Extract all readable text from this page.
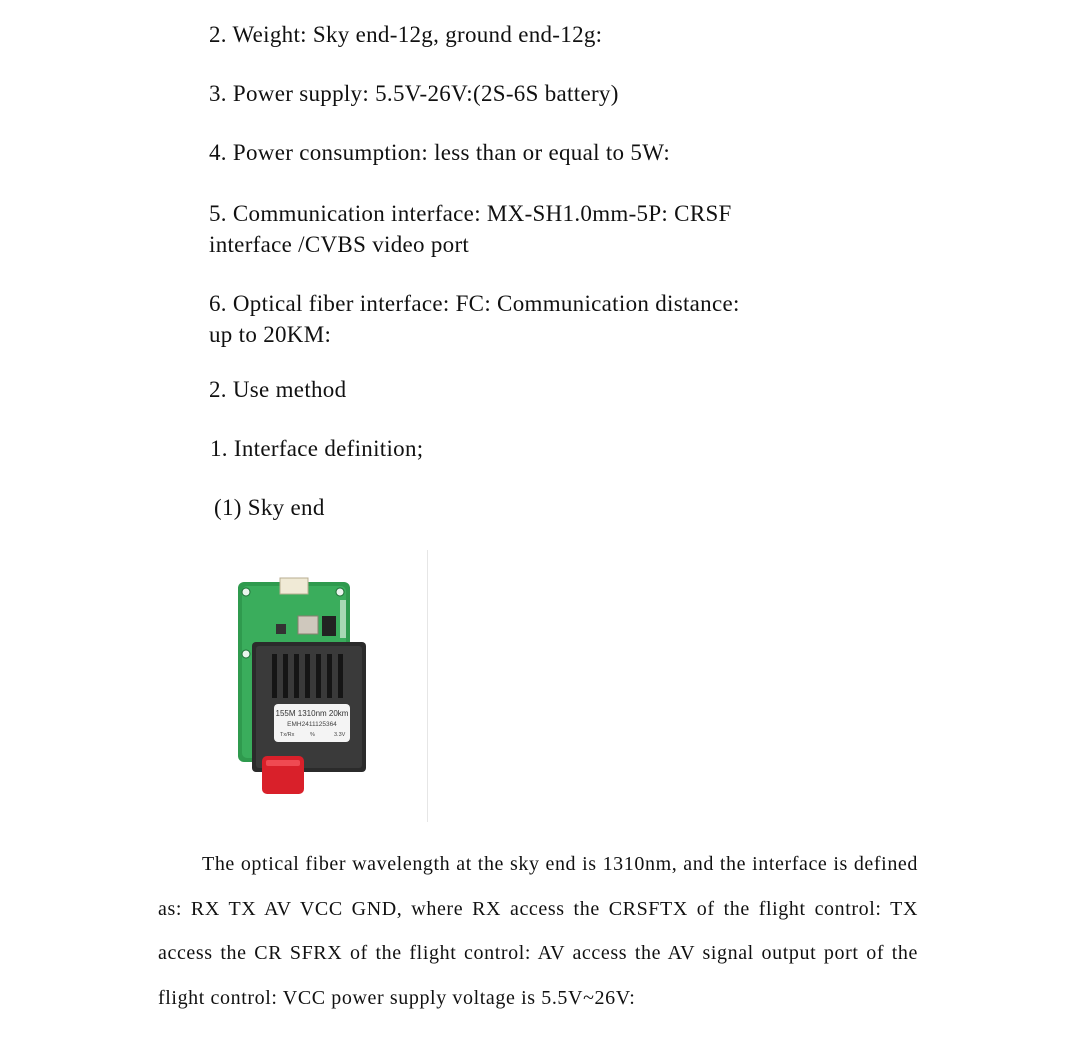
2. Weight: Sky end-12g, ground end-12g:
3. Power supply: 5.5V-26V:(2S-6S battery)
4. Power consumption: less than or equal to 5W:
5. Communication interface: MX-SH1.0mm-5P: CRSF
interface /CVBS video port
6. Optical fiber interface: FC: Communication distance:
up to 20KM:
2. Use method
1. Interface definition;
(1) Sky end
155M 1310nm 20km
EMH2411125364
Tx/Rx	%	3.3V

The optical fiber wavelength at the sky end is 1310nm, and the interface is defined as: RX TX AV VCC GND, where RX access the CRSFTX of the flight control: TX access the CR SFRX of the flight control: AV access the AV signal output port of the flight control: VCC power supply voltage is 5.5V~26V:
